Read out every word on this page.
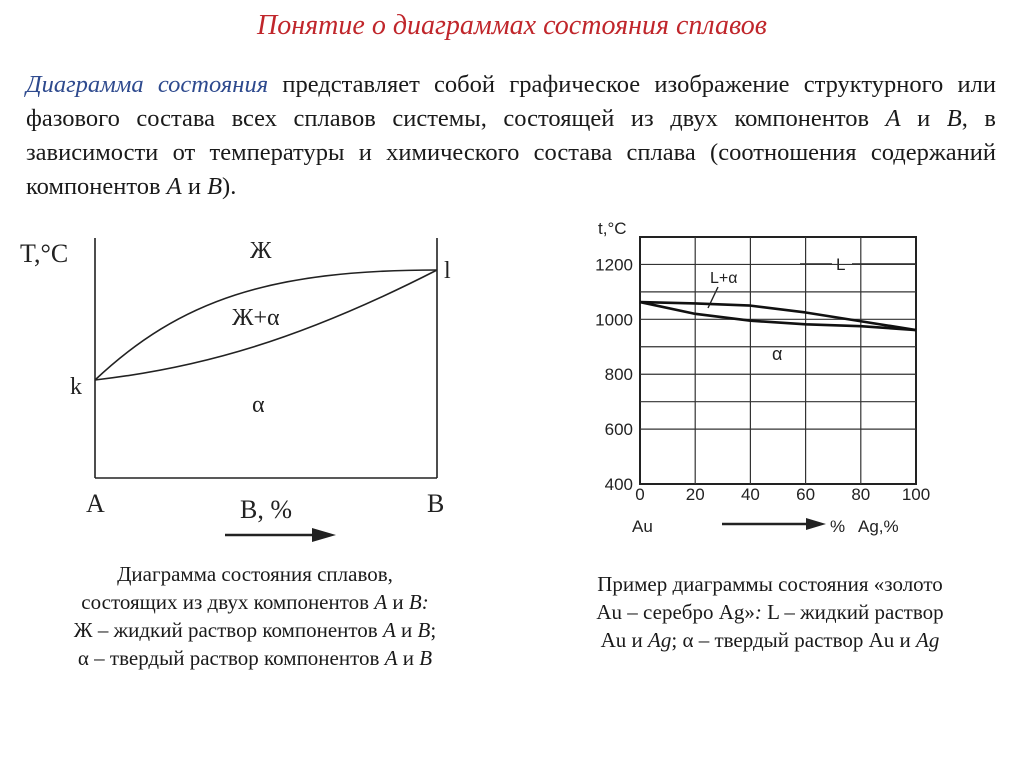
Понятие о диаграммах состояния сплавов
Диаграмма состояния представляет собой графическое изображение структурного или фазового состава всех сплавов системы, состоящей из двух компонентов A и B, в зависимости от температуры и химического состава сплава (соотношения содержаний компонентов A и B).
T,°C	Ж
Ж+α
α
k
l
A	B
B, %
Диаграмма состояния сплавов,
состоящих из двух компонентов A и B:
Ж – жидкий раствор компонентов A и B;
α – твердый раствор компонентов A и B
t,°C
Au	% Ag,%
L
L+α
α
0 20 40 60 80 100
400
600
800
1000
1200
Пример диаграммы состояния «золото
Au – серебро Ag»: L – жидкий раствор
Au и Ag; α – твердый раствор Au и Ag
